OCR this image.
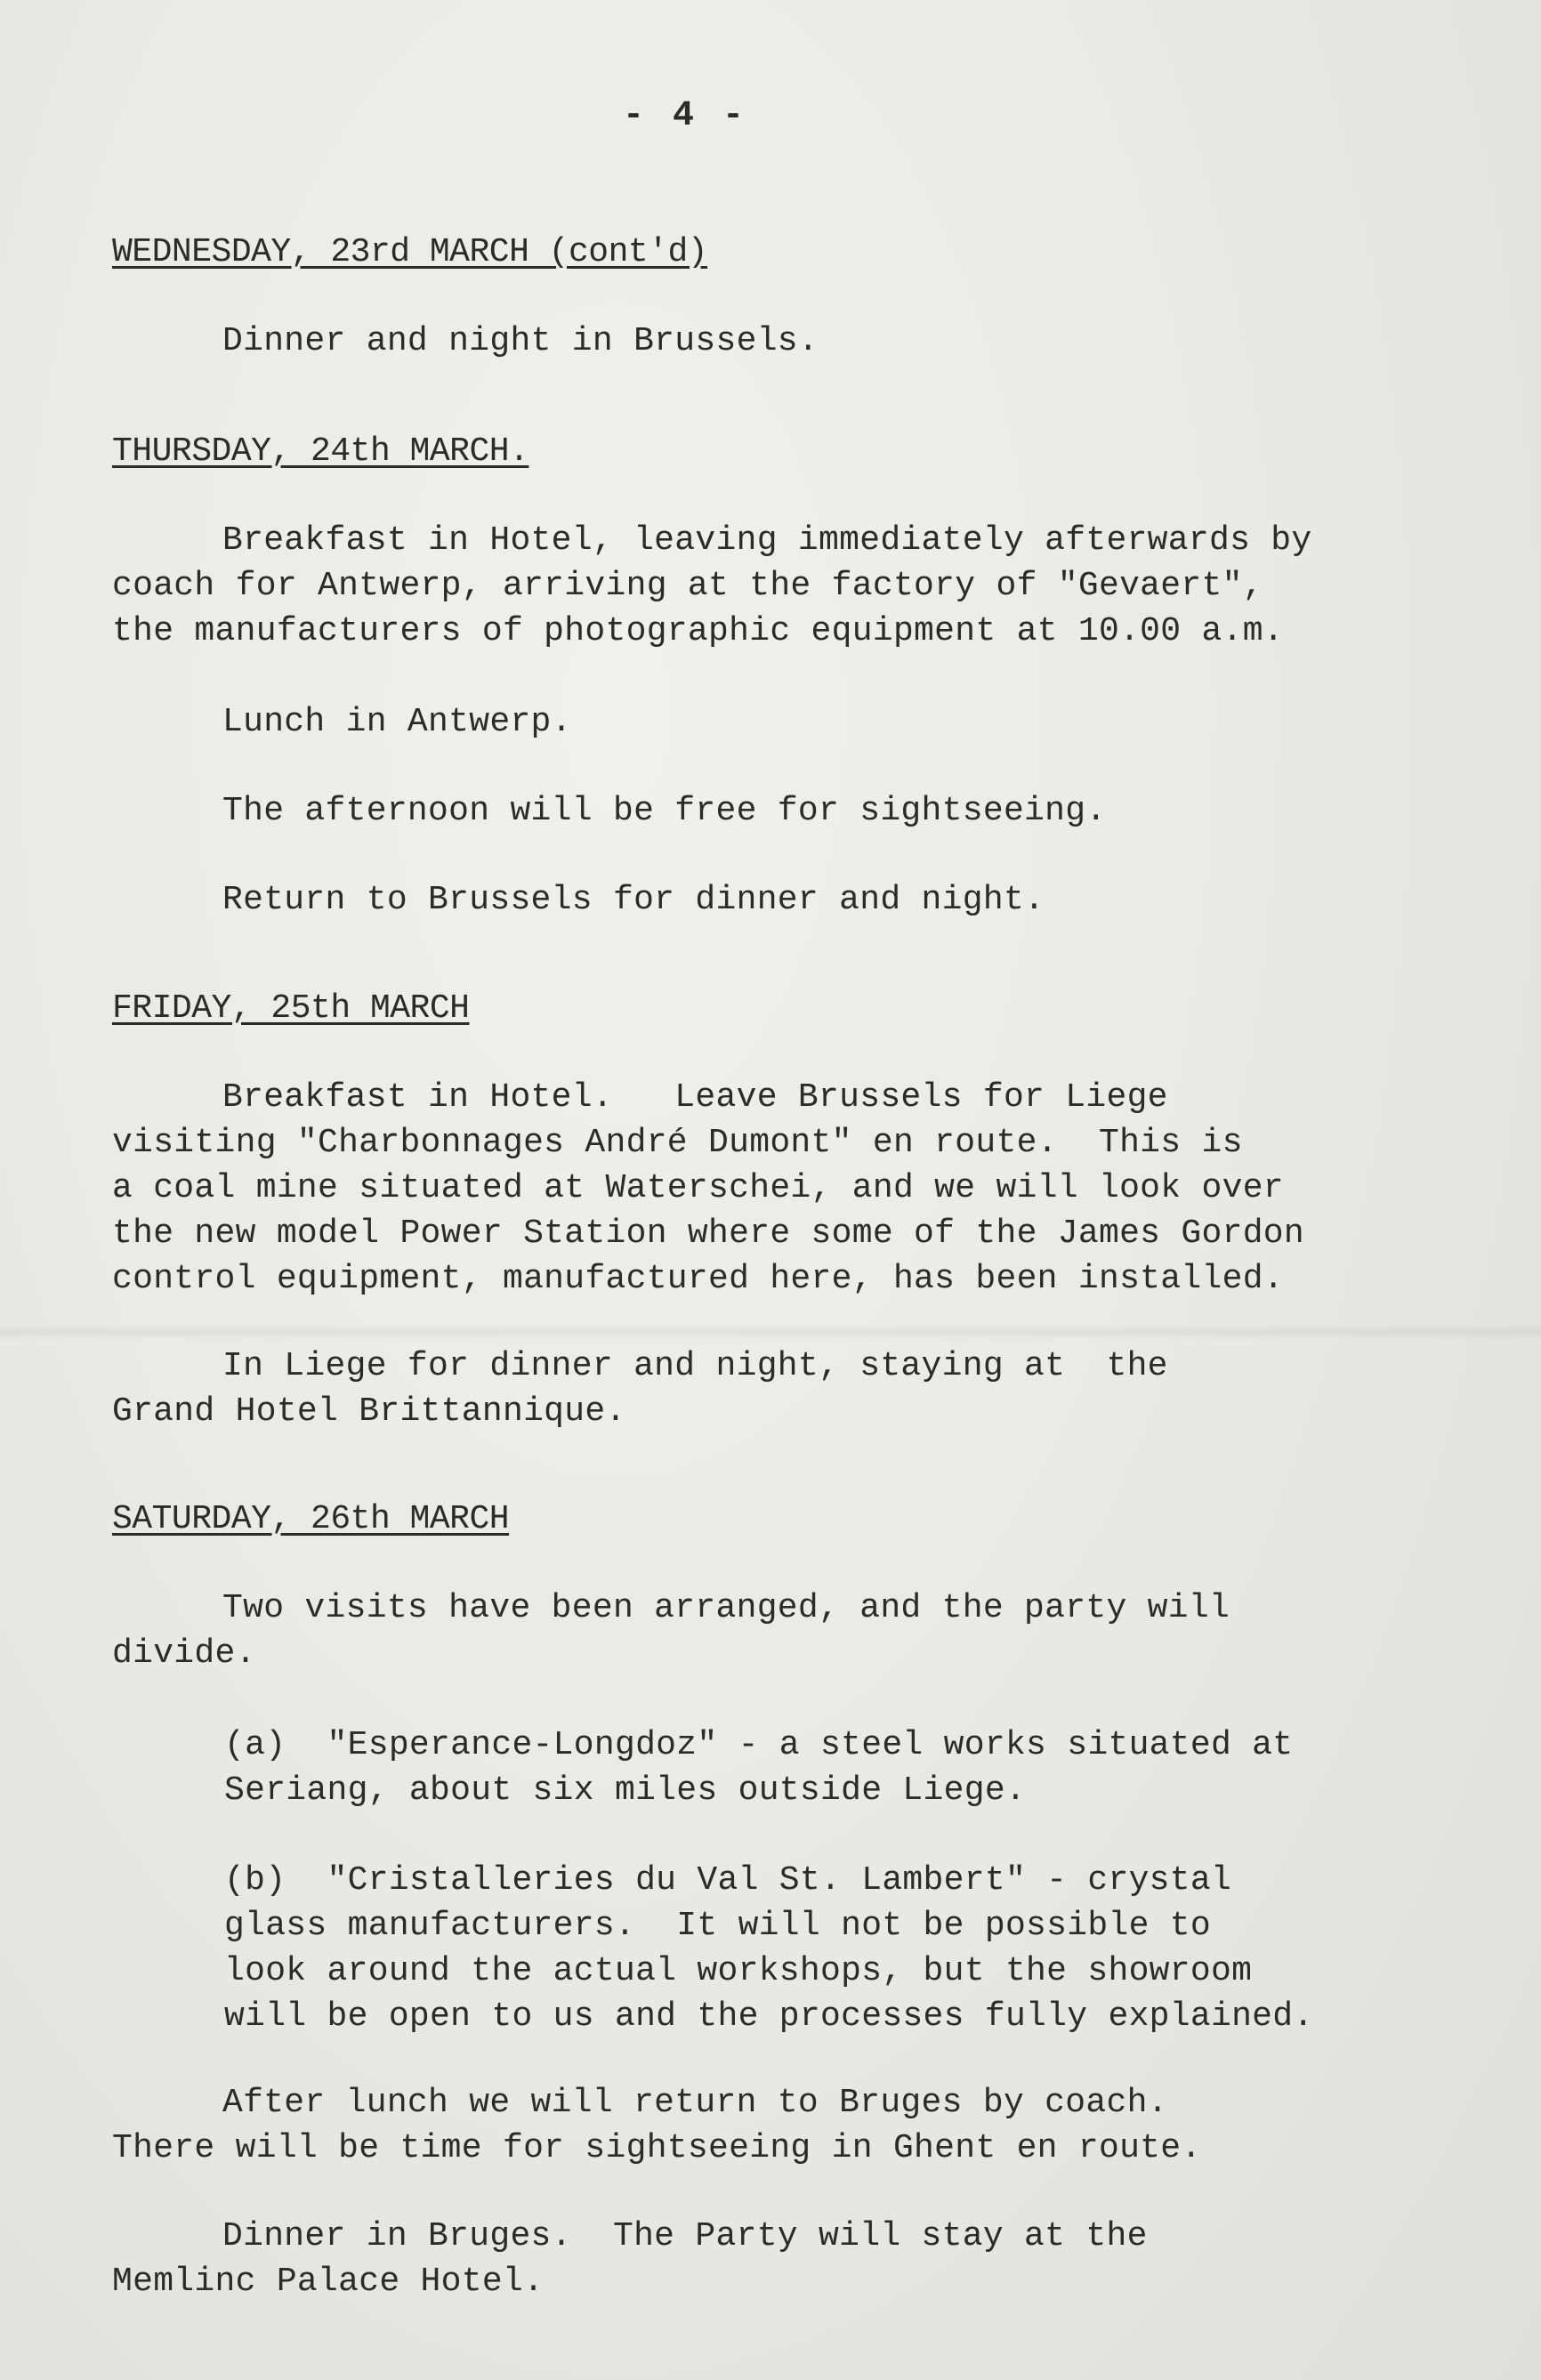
- 4 -
WEDNESDAY, 23rd MARCH (cont'd)
Dinner and night in Brussels.
THURSDAY, 24th MARCH.
Breakfast in Hotel, leaving immediately afterwards by
coach for Antwerp, arriving at the factory of "Gevaert",
the manufacturers of photographic equipment at 10.00 a.m.
Lunch in Antwerp.
The afternoon will be free for sightseeing.
Return to Brussels for dinner and night.
FRIDAY, 25th MARCH
Breakfast in Hotel.   Leave Brussels for Liege
visiting "Charbonnages André Dumont" en route.  This is
a coal mine situated at Waterschei, and we will look over
the new model Power Station where some of the James Gordon
control equipment, manufactured here, has been installed.
In Liege for dinner and night, staying at  the
Grand Hotel Brittannique.
SATURDAY, 26th MARCH
Two visits have been arranged, and the party will
divide.
(a)  "Esperance-Longdoz" - a steel works situated at
Seriang, about six miles outside Liege.
(b)  "Cristalleries du Val St. Lambert" - crystal
glass manufacturers.  It will not be possible to
look around the actual workshops, but the showroom
will be open to us and the processes fully explained.
After lunch we will return to Bruges by coach.
There will be time for sightseeing in Ghent en route.
Dinner in Bruges.  The Party will stay at the
Memlinc Palace Hotel.
